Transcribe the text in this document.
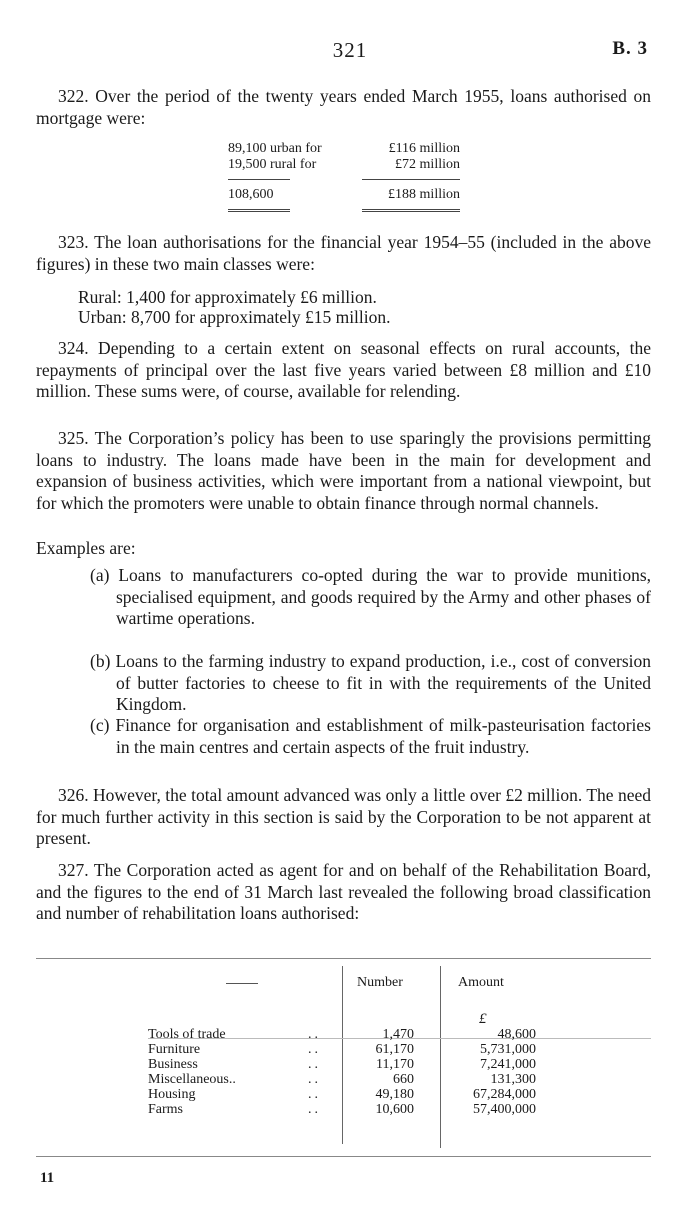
321	B. 3

322. Over the period of the twenty years ended March 1955, loans authorised on mortgage were:

89,100 urban for	£116 million
19,500 rural for	£72 million
108,600	£188 million

323. The loan authorisations for the financial year 1954–55 (included in the above figures) in these two main classes were:

Rural: 1,400 for approximately £6 million.
Urban: 8,700 for approximately £15 million.

324. Depending to a certain extent on seasonal effects on rural accounts, the repayments of principal over the last five years varied between £8 million and £10 million. These sums were, of course, available for relending.

325. The Corporation’s policy has been to use sparingly the provisions permitting loans to industry. The loans made have been in the main for development and expansion of business activities, which were important from a national viewpoint, but for which the promoters were unable to obtain finance through normal channels.

Examples are:
(a) Loans to manufacturers co-opted during the war to provide munitions, specialised equipment, and goods required by the Army and other phases of wartime operations.
(b) Loans to the farming industry to expand production, i.e., cost of conversion of butter factories to cheese to fit in with the requirements of the United Kingdom.
(c) Finance for organisation and establishment of milk-pasteurisation factories in the main centres and certain aspects of the fruit industry.

326. However, the total amount advanced was only a little over £2 million. The need for much further activity in this section is said by the Corporation to be not apparent at present.

327. The Corporation acted as agent for and on behalf of the Rehabilitation Board, and the figures to the end of 31 March last revealed the following broad classification and number of rehabilitation loans authorised:

Number	Amount
£
Tools of trade	..	1,470	48,600
Furniture	..	61,170	5,731,000
Business	..	11,170	7,241,000
Miscellaneous..	..	660	131,300
Housing	..	49,180	67,284,000
Farms	..	10,600	57,400,000
11
